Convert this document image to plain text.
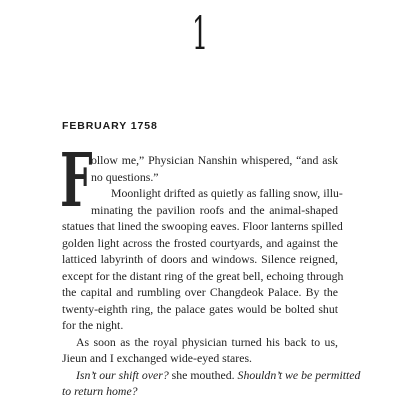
1
FEBRUARY 1758
F
ollow me,” Physician Nanshin whispered, “and ask
no questions.”
Moonlight drifted as quietly as falling snow, illu-
minating the pavilion roofs and the animal-shaped
statues that lined the swooping eaves. Floor lanterns spilled
golden light across the frosted courtyards, and against the
latticed labyrinth of doors and windows. Silence reigned,
except for the distant ring of the great bell, echoing through
the capital and rumbling over Changdeok Palace. By the
twenty-eighth ring, the palace gates would be bolted shut
for the night.
As soon as the royal physician turned his back to us,
Jieun and I exchanged wide-eyed stares.
Isn’t our shift over? she mouthed. Shouldn’t we be permitted
to return home?
